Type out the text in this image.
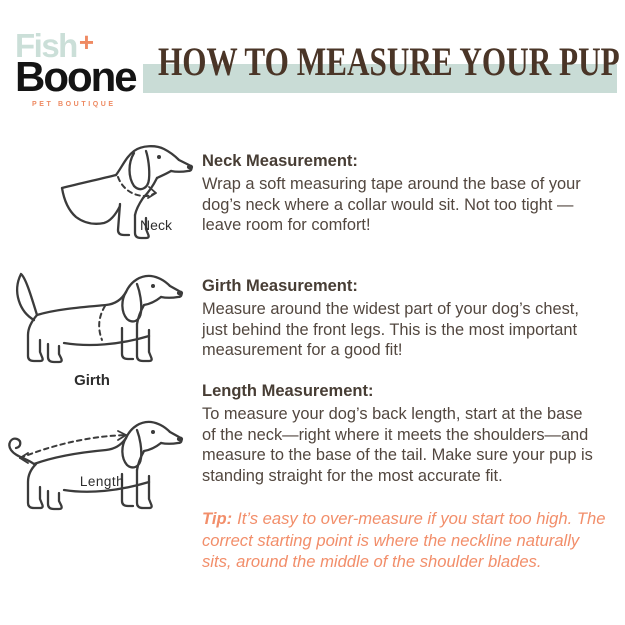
Fish+
Boone
PET BOUTIQUE
HOW TO MEASURE YOUR PUP
Neck
Girth
Length
Neck Measurement:
Wrap a soft measuring tape around the base of your
dog’s neck where a collar would sit. Not too tight —
leave room for comfort!
Girth Measurement:
Measure around the widest part of your dog’s chest,
just behind the front legs. This is the most important
measurement for a good fit!
Length Measurement:
To measure your dog’s back length, start at the base
of the neck—right where it meets the shoulders—and
measure to the base of the tail. Make sure your pup is
standing straight for the most accurate fit.
Tip: It’s easy to over-measure if you start too high. The
correct starting point is where the neckline naturally
sits, around the middle of the shoulder blades.
